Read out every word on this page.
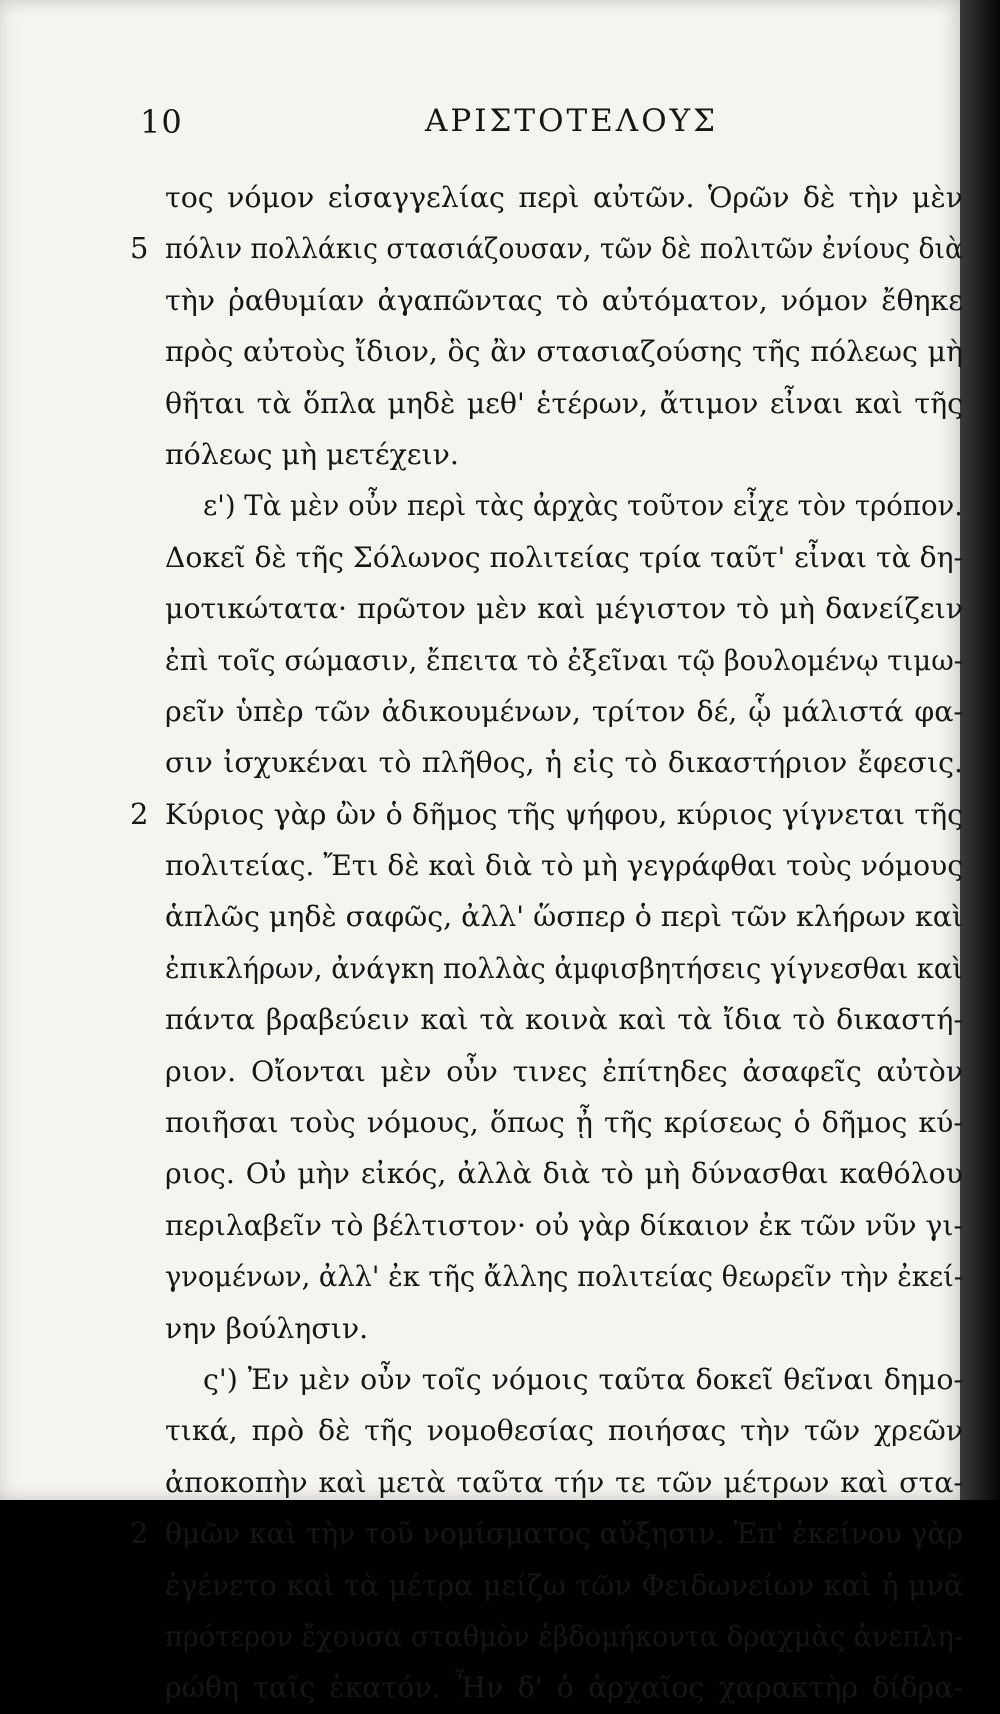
10	ΑΡΙΣΤΟΤΕΛΟΥΣ
τος νόμον εἰσαγγελίας περὶ αὐτῶν. Ὁρῶν δὲ τὴν μὲν
5 πόλιν πολλάκις στασιάζουσαν, τῶν δὲ πολιτῶν ἐνίους διὰ
τὴν ῥαθυμίαν ἀγαπῶντας τὸ αὐτόματον, νόμον ἔθηκε
πρὸς αὐτοὺς ἴδιον, ὃς ἂν στασιαζούσης τῆς πόλεως μὴ
θῆται τὰ ὅπλα μηδὲ μεθ' ἑτέρων, ἄτιμον εἶναι καὶ τῆς
πόλεως μὴ μετέχειν.
ε') Τὰ μὲν οὖν περὶ τὰς ἀρχὰς τοῦτον εἶχε τὸν τρόπον.
Δοκεῖ δὲ τῆς Σόλωνος πολιτείας τρία ταῦτ' εἶναι τὰ δη-
μοτικώτατα· πρῶτον μὲν καὶ μέγιστον τὸ μὴ δανείζειν
ἐπὶ τοῖς σώμασιν, ἔπειτα τὸ ἐξεῖναι τῷ βουλομένῳ τιμω-
ρεῖν ὑπὲρ τῶν ἀδικουμένων, τρίτον δέ, ᾧ μάλιστά φα-
σιν ἰσχυκέναι τὸ πλῆθος, ἡ εἰς τὸ δικαστήριον ἔφεσις.
2 Κύριος γὰρ ὢν ὁ δῆμος τῆς ψήφου, κύριος γίγνεται τῆς
πολιτείας. Ἔτι δὲ καὶ διὰ τὸ μὴ γεγράφθαι τοὺς νόμους
ἁπλῶς μηδὲ σαφῶς, ἀλλ' ὥσπερ ὁ περὶ τῶν κλήρων καὶ
ἐπικλήρων, ἀνάγκη πολλὰς ἀμφισβητήσεις γίγνεσθαι καὶ
πάντα βραβεύειν καὶ τὰ κοινὰ καὶ τὰ ἴδια τὸ δικαστή-
ριον. Οἴονται μὲν οὖν τινες ἐπίτηδες ἀσαφεῖς αὐτὸν
ποιῆσαι τοὺς νόμους, ὅπως ᾖ τῆς κρίσεως ὁ δῆμος κύ-
ριος. Οὐ μὴν εἰκός, ἀλλὰ διὰ τὸ μὴ δύνασθαι καθόλου
περιλαβεῖν τὸ βέλτιστον· οὐ γὰρ δίκαιον ἐκ τῶν νῦν γι-
γνομένων, ἀλλ' ἐκ τῆς ἄλλης πολιτείας θεωρεῖν τὴν ἐκεί-
νην βούλησιν.
ς') Ἐν μὲν οὖν τοῖς νόμοις ταῦτα δοκεῖ θεῖναι δημο-
τικά, πρὸ δὲ τῆς νομοθεσίας ποιήσας τὴν τῶν χρεῶν
ἀποκοπὴν καὶ μετὰ ταῦτα τήν τε τῶν μέτρων καὶ στα-
2 θμῶν καὶ τὴν τοῦ νομίσματος αὔξησιν. Ἐπ' ἐκείνου γὰρ
ἐγένετο καὶ τὰ μέτρα μείζω τῶν Φειδωνείων καὶ ἡ μνᾶ
πρότερον ἔχουσα σταθμὸν ἑβδομήκοντα δραχμὰς ἀνεπλη-
ρώθη ταῖς ἑκατόν. Ἦν δ' ὁ ἀρχαῖος χαρακτὴρ δίδρα-
